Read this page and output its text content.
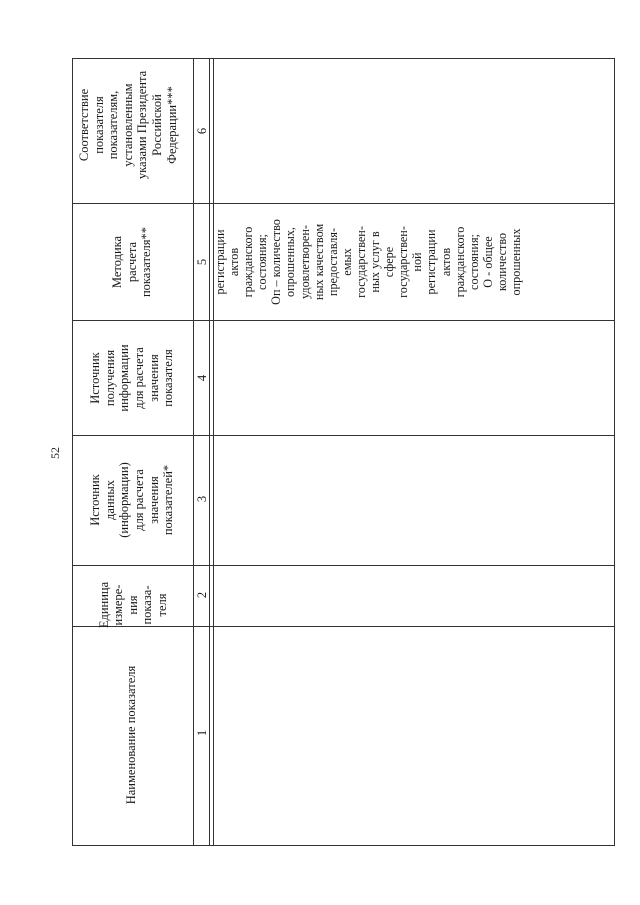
52
Соответствие показателя показателям, установленным указами Президента Российской Федерации***
Методика расчета показателя**
Источник получения информации для расчета значения показателя
Источник данных (информации) для расчета значения показателей*
Единица измере- ния показа- теля
Наименование показателя
6
5
4
3
2
1
регистрации актов гражданского состояния; Oп – количество опрошенных, удовлетворен- ных качеством предоставля- емых государствен- ных услуг в сфере государствен- ной регистрации актов гражданского состояния; O - общее количество опрошенных
